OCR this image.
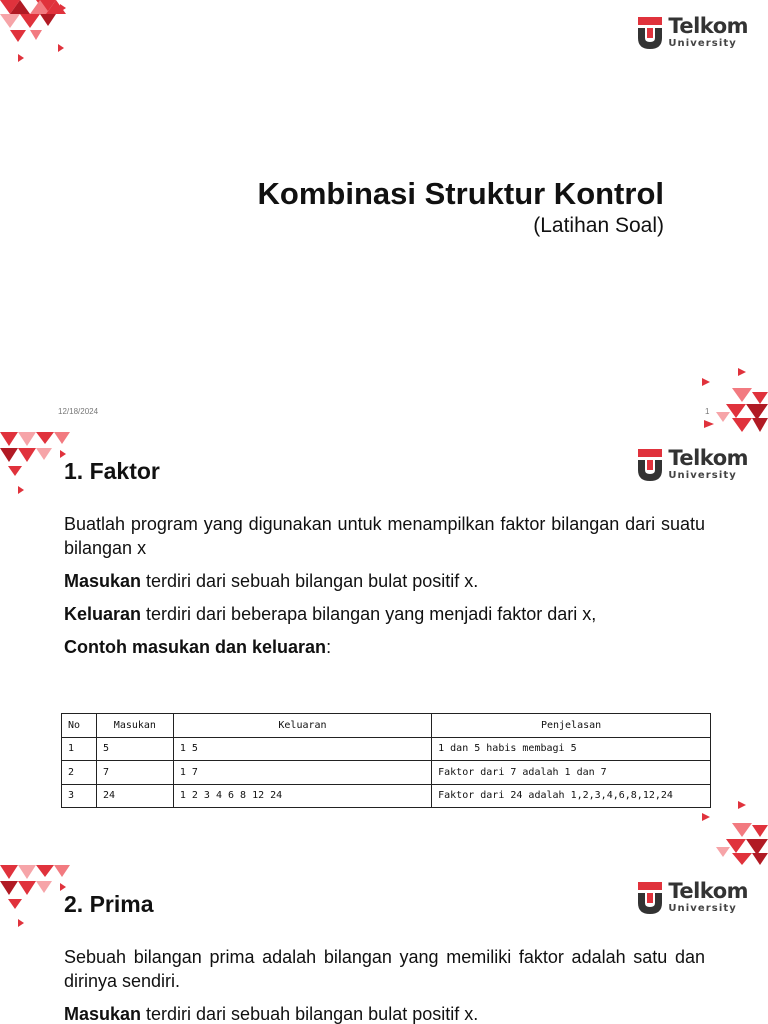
Telkom
University
Kombinasi Struktur Kontrol
(Latihan Soal)
12/18/2024	1
Telkom
University
1. Faktor
Buatlah program yang digunakan untuk menampilkan faktor bilangan dari suatu bilangan x
Masukan terdiri dari sebuah bilangan bulat positif x.
Keluaran terdiri dari beberapa bilangan yang menjadi faktor dari x,
Contoh masukan dan keluaran:
No	Masukan	Keluaran	Penjelasan
1	5	1 5	1 dan 5 habis membagi 5
2	7	1 7	Faktor dari 7 adalah 1 dan 7
3	24	1 2 3 4 6 8 12 24	Faktor dari 24 adalah 1,2,3,4,6,8,12,24
Telkom
University
2. Prima
Sebuah bilangan prima adalah bilangan yang memiliki faktor adalah satu dan dirinya sendiri.
Masukan terdiri dari sebuah bilangan bulat positif x.
